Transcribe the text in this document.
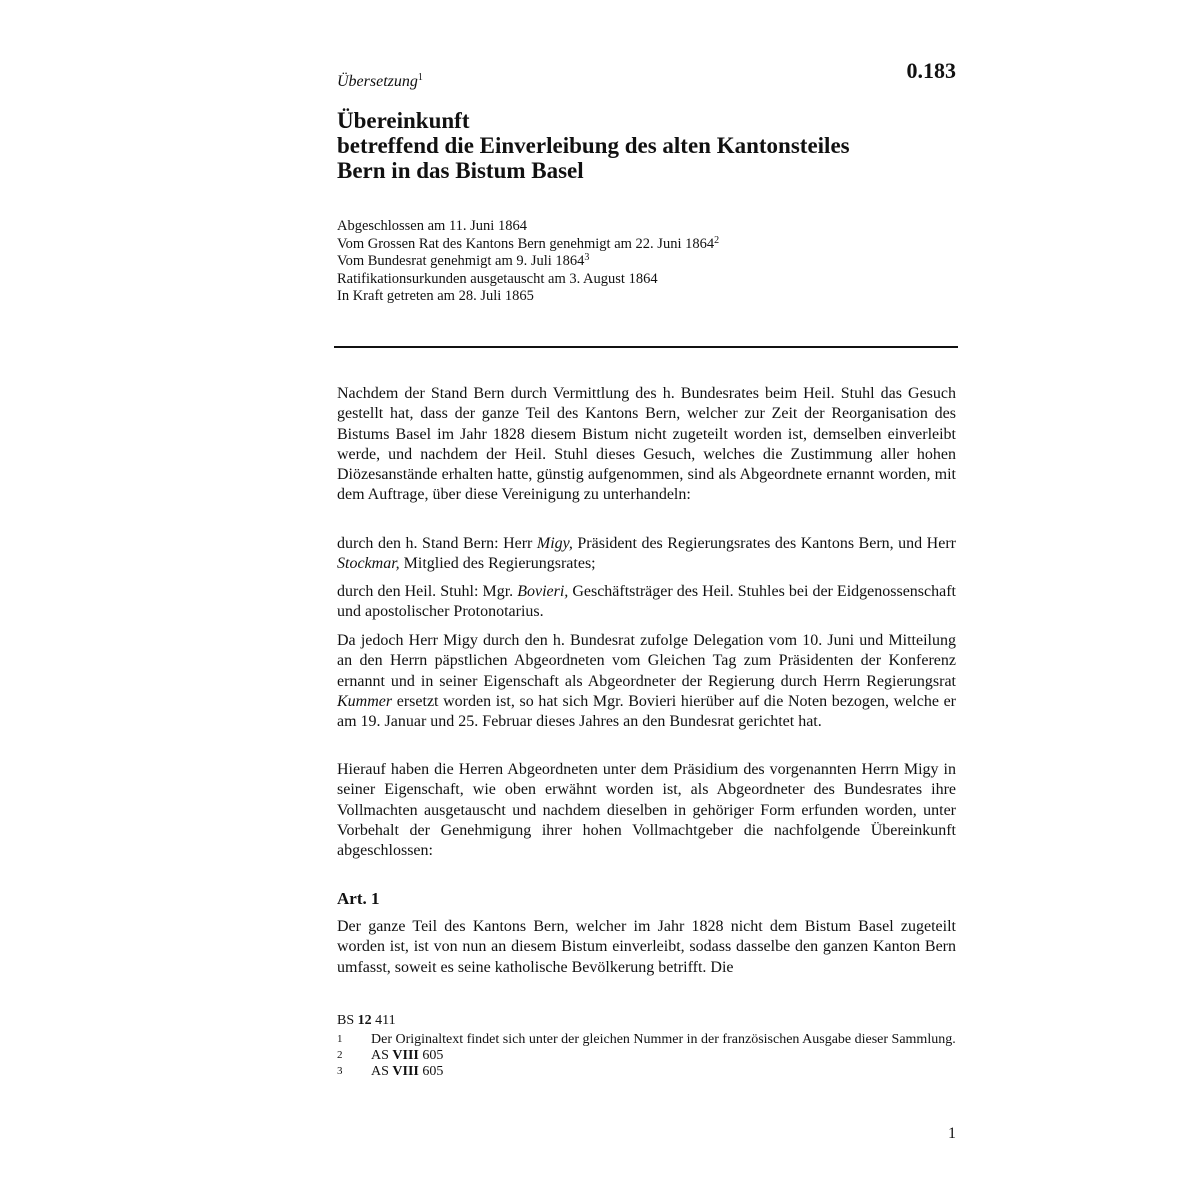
Übersetzung$^1$	0.183
Übereinkunft
betreffend die Einverleibung des alten Kantonsteiles
Bern in das Bistum Basel
Abgeschlossen am 11. Juni 1864
Vom Grossen Rat des Kantons Bern genehmigt am 22. Juni 1864$^2$
Vom Bundesrat genehmigt am 9. Juli 1864$^3$
Ratifikationsurkunden ausgetauscht am 3. August 1864
In Kraft getreten am 28. Juli 1865

Nachdem der Stand Bern durch Vermittlung des h. Bundesrates beim Heil. Stuhl das Gesuch gestellt hat, dass der ganze Teil des Kantons Bern, welcher zur Zeit der Reorganisation des Bistums Basel im Jahr 1828 diesem Bistum nicht zugeteilt worden ist, demselben einverleibt werde, und nachdem der Heil. Stuhl dieses Gesuch, welches die Zustimmung aller hohen Diözesanstände erhalten hatte, günstig aufgenommen, sind als Abgeordnete ernannt worden, mit dem Auftrage, über diese Vereinigung zu unterhandeln:

durch den h. Stand Bern: Herr Migy, Präsident des Regierungsrates des Kantons Bern, und Herr Stockmar, Mitglied des Regierungsrates;

durch den Heil. Stuhl: Mgr. Bovieri, Geschäftsträger des Heil. Stuhles bei der Eidgenossenschaft und apostolischer Protonotarius.

Da jedoch Herr Migy durch den h. Bundesrat zufolge Delegation vom 10. Juni und Mitteilung an den Herrn päpstlichen Abgeordneten vom Gleichen Tag zum Präsidenten der Konferenz ernannt und in seiner Eigenschaft als Abgeordneter der Regierung durch Herrn Regierungsrat Kummer ersetzt worden ist, so hat sich Mgr. Bovieri hierüber auf die Noten bezogen, welche er am 19. Januar und 25. Februar dieses Jahres an den Bundesrat gerichtet hat.

Hierauf haben die Herren Abgeordneten unter dem Präsidium des vorgenannten Herrn Migy in seiner Eigenschaft, wie oben erwähnt worden ist, als Abgeordneter des Bundesrates ihre Vollmachten ausgetauscht und nachdem dieselben in gehöriger Form erfunden worden, unter Vorbehalt der Genehmigung ihrer hohen Vollmachtgeber die nachfolgende Übereinkunft abgeschlossen:

Art. 1

Der ganze Teil des Kantons Bern, welcher im Jahr 1828 nicht dem Bistum Basel zugeteilt worden ist, ist von nun an diesem Bistum einverleibt, sodass dasselbe den ganzen Kanton Bern umfasst, soweit es seine katholische Bevölkerung betrifft. Die

BS 12 411
1	Der Originaltext findet sich unter der gleichen Nummer in der französischen Ausgabe dieser Sammlung.
2	AS VIII 605
3	AS VIII 605
1
